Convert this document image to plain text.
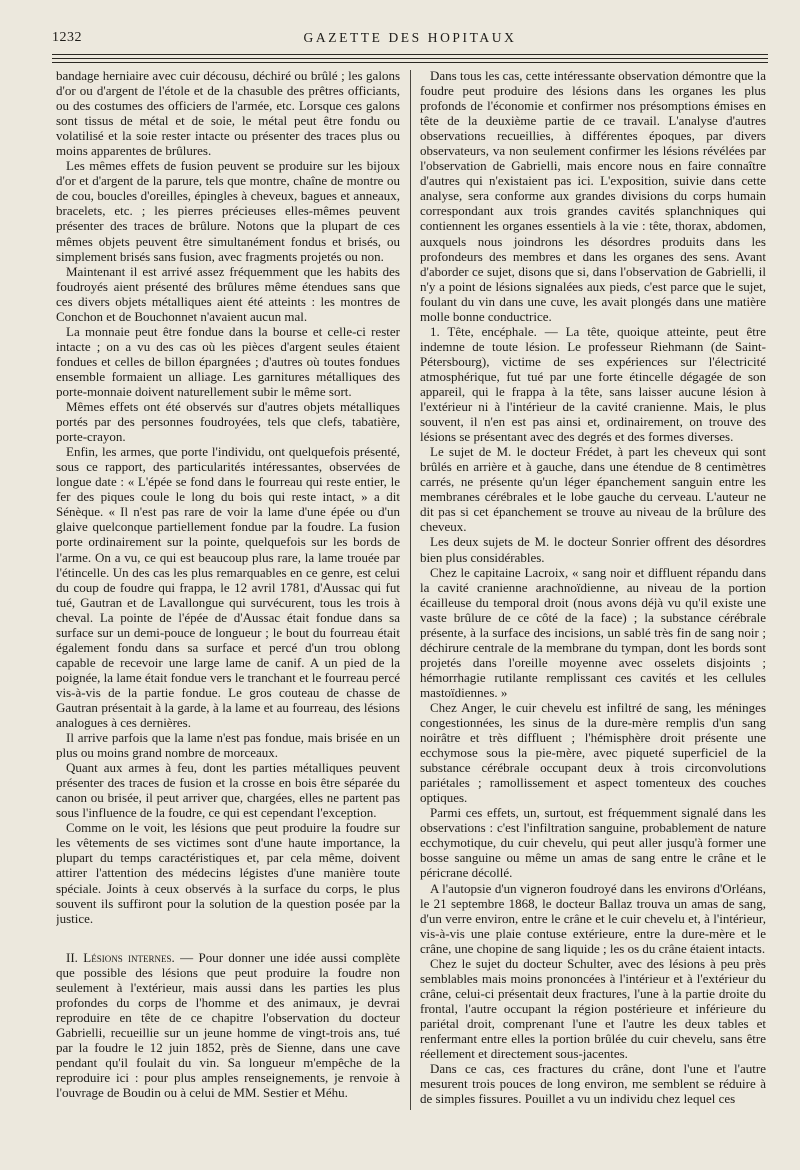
1232	GAZETTE DES HOPITAUX

bandage herniaire avec cuir décousu, déchiré ou brûlé ; les galons d'or ou d'argent de l'étole et de la chasuble des prêtres officiants, ou des costumes des officiers de l'armée, etc. Lorsque ces galons sont tissus de métal et de soie, le métal peut être fondu ou volatilisé et la soie rester intacte ou présenter des traces plus ou moins apparentes de brûlures.

Les mêmes effets de fusion peuvent se produire sur les bijoux d'or et d'argent de la parure, tels que montre, chaîne de montre ou de cou, boucles d'oreilles, épingles à cheveux, bagues et anneaux, bracelets, etc. ; les pierres précieuses elles-mêmes peuvent présenter des traces de brûlure. Notons que la plupart de ces mêmes objets peuvent être simultanément fondus et brisés, ou simplement brisés sans fusion, avec fragments projetés ou non.

Maintenant il est arrivé assez fréquemment que les habits des foudroyés aient présenté des brûlures même étendues sans que ces divers objets métalliques aient été atteints : les montres de Conchon et de Bouchonnet n'avaient aucun mal.

La monnaie peut être fondue dans la bourse et celle-ci rester intacte ; on a vu des cas où les pièces d'argent seules étaient fondues et celles de billon épargnées ; d'autres où toutes fondues ensemble formaient un alliage. Les garnitures métalliques des porte-monnaie doivent naturellement subir le même sort.

Mêmes effets ont été observés sur d'autres objets métalliques portés par des personnes foudroyées, tels que clefs, tabatière, porte-crayon.

Enfin, les armes, que porte l'individu, ont quelquefois présenté, sous ce rapport, des particularités intéressantes, observées de longue date : « L'épée se fond dans le fourreau qui reste entier, le fer des piques coule le long du bois qui reste intact, » a dit Sénèque. « Il n'est pas rare de voir la lame d'une épée ou d'un glaive quelconque partiellement fondue par la foudre. La fusion porte ordinairement sur la pointe, quelquefois sur les bords de l'arme. On a vu, ce qui est beaucoup plus rare, la lame trouée par l'étincelle. Un des cas les plus remarquables en ce genre, est celui du coup de foudre qui frappa, le 12 avril 1781, d'Aussac qui fut tué, Gautran et de Lavallongue qui survécurent, tous les trois à cheval. La pointe de l'épée de d'Aussac était fondue dans sa surface sur un demi-pouce de longueur ; le bout du fourreau était également fondu dans sa surface et percé d'un trou oblong capable de recevoir une large lame de canif. A un pied de la poignée, la lame était fondue vers le tranchant et le fourreau percé vis-à-vis de la partie fondue. Le gros couteau de chasse de Gautran présentait à la garde, à la lame et au fourreau, des lésions analogues à ces dernières.

Il arrive parfois que la lame n'est pas fondue, mais brisée en un plus ou moins grand nombre de morceaux.

Quant aux armes à feu, dont les parties métalliques peuvent présenter des traces de fusion et la crosse en bois être séparée du canon ou brisée, il peut arriver que, chargées, elles ne partent pas sous l'influence de la foudre, ce qui est cependant l'exception.

Comme on le voit, les lésions que peut produire la foudre sur les vêtements de ses victimes sont d'une haute importance, la plupart du temps caractéristiques et, par cela même, doivent attirer l'attention des médecins légistes d'une manière toute spéciale. Joints à ceux observés à la surface du corps, le plus souvent ils suffiront pour la solution de la question posée par la justice.

II. Lésions internes. — Pour donner une idée aussi complète que possible des lésions que peut produire la foudre non seulement à l'extérieur, mais aussi dans les parties les plus profondes du corps de l'homme et des animaux, je devrai reproduire en tête de ce chapitre l'observation du docteur Gabrielli, recueillie sur un jeune homme de vingt-trois ans, tué par la foudre le 12 juin 1852, près de Sienne, dans une cave pendant qu'il foulait du vin. Sa longueur m'empêche de la reproduire ici : pour plus amples renseignements, je renvoie à l'ouvrage de Boudin ou à celui de MM. Sestier et Méhu.

Dans tous les cas, cette intéressante observation démontre que la foudre peut produire des lésions dans les organes les plus profonds de l'économie et confirmer nos présomptions émises en tête de la deuxième partie de ce travail. L'analyse d'autres observations recueillies, à différentes époques, par divers observateurs, va non seulement confirmer les lésions révélées par l'observation de Gabrielli, mais encore nous en faire connaître d'autres qui n'existaient pas ici. L'exposition, suivie dans cette analyse, sera conforme aux grandes divisions du corps humain correspondant aux trois grandes cavités splanchniques qui contiennent les organes essentiels à la vie : tête, thorax, abdomen, auxquels nous joindrons les désordres produits dans les profondeurs des membres et dans les organes des sens. Avant d'aborder ce sujet, disons que si, dans l'observation de Gabrielli, il n'y a point de lésions signalées aux pieds, c'est parce que le sujet, foulant du vin dans une cuve, les avait plongés dans une matière molle bonne conductrice.

1. Tête, encéphale. — La tête, quoique atteinte, peut être indemne de toute lésion. Le professeur Riehmann (de Saint-Pétersbourg), victime de ses expériences sur l'électricité atmosphérique, fut tué par une forte étincelle dégagée de son appareil, qui le frappa à la tête, sans laisser aucune lésion à l'extérieur ni à l'intérieur de la cavité cranienne. Mais, le plus souvent, il n'en est pas ainsi et, ordinairement, on trouve des lésions se présentant avec des degrés et des formes diverses.

Le sujet de M. le docteur Frédet, à part les cheveux qui sont brûlés en arrière et à gauche, dans une étendue de 8 centimètres carrés, ne présente qu'un léger épanchement sanguin entre les membranes cérébrales et le lobe gauche du cerveau. L'auteur ne dit pas si cet épanchement se trouve au niveau de la brûlure des cheveux.

Les deux sujets de M. le docteur Sonrier offrent des désordres bien plus considérables.

Chez le capitaine Lacroix, « sang noir et diffluent répandu dans la cavité cranienne arachnoïdienne, au niveau de la portion écailleuse du temporal droit (nous avons déjà vu qu'il existe une vaste brûlure de ce côté de la face) ; la substance cérébrale présente, à la surface des incisions, un sablé très fin de sang noir ; déchirure centrale de la membrane du tympan, dont les bords sont projetés dans l'oreille moyenne avec osselets disjoints ; hémorrhagie rutilante remplissant ces cavités et les cellules mastoïdiennes. »

Chez Anger, le cuir chevelu est infiltré de sang, les méninges congestionnées, les sinus de la dure-mère remplis d'un sang noirâtre et très diffluent ; l'hémisphère droit présente une ecchymose sous la pie-mère, avec piqueté superficiel de la substance cérébrale occupant deux à trois circonvolutions pariétales ; ramollissement et aspect tomenteux des couches optiques.

Parmi ces effets, un, surtout, est fréquemment signalé dans les observations : c'est l'infiltration sanguine, probablement de nature ecchymotique, du cuir chevelu, qui peut aller jusqu'à former une bosse sanguine ou même un amas de sang entre le crâne et le péricrane décollé.

A l'autopsie d'un vigneron foudroyé dans les environs d'Orléans, le 21 septembre 1868, le docteur Ballaz trouva un amas de sang, d'un verre environ, entre le crâne et le cuir chevelu et, à l'intérieur, vis-à-vis une plaie contuse extérieure, entre la dure-mère et le crâne, une chopine de sang liquide ; les os du crâne étaient intacts.

Chez le sujet du docteur Schulter, avec des lésions à peu près semblables mais moins prononcées à l'intérieur et à l'extérieur du crâne, celui-ci présentait deux fractures, l'une à la partie droite du frontal, l'autre occupant la région postérieure et inférieure du pariétal droit, comprenant l'une et l'autre les deux tables et renfermant entre elles la portion brûlée du cuir chevelu, sans être réellement et directement sous-jacentes.

Dans ce cas, ces fractures du crâne, dont l'une et l'autre mesurent trois pouces de long environ, me semblent se réduire à de simples fissures. Pouillet a vu un individu chez lequel ces
